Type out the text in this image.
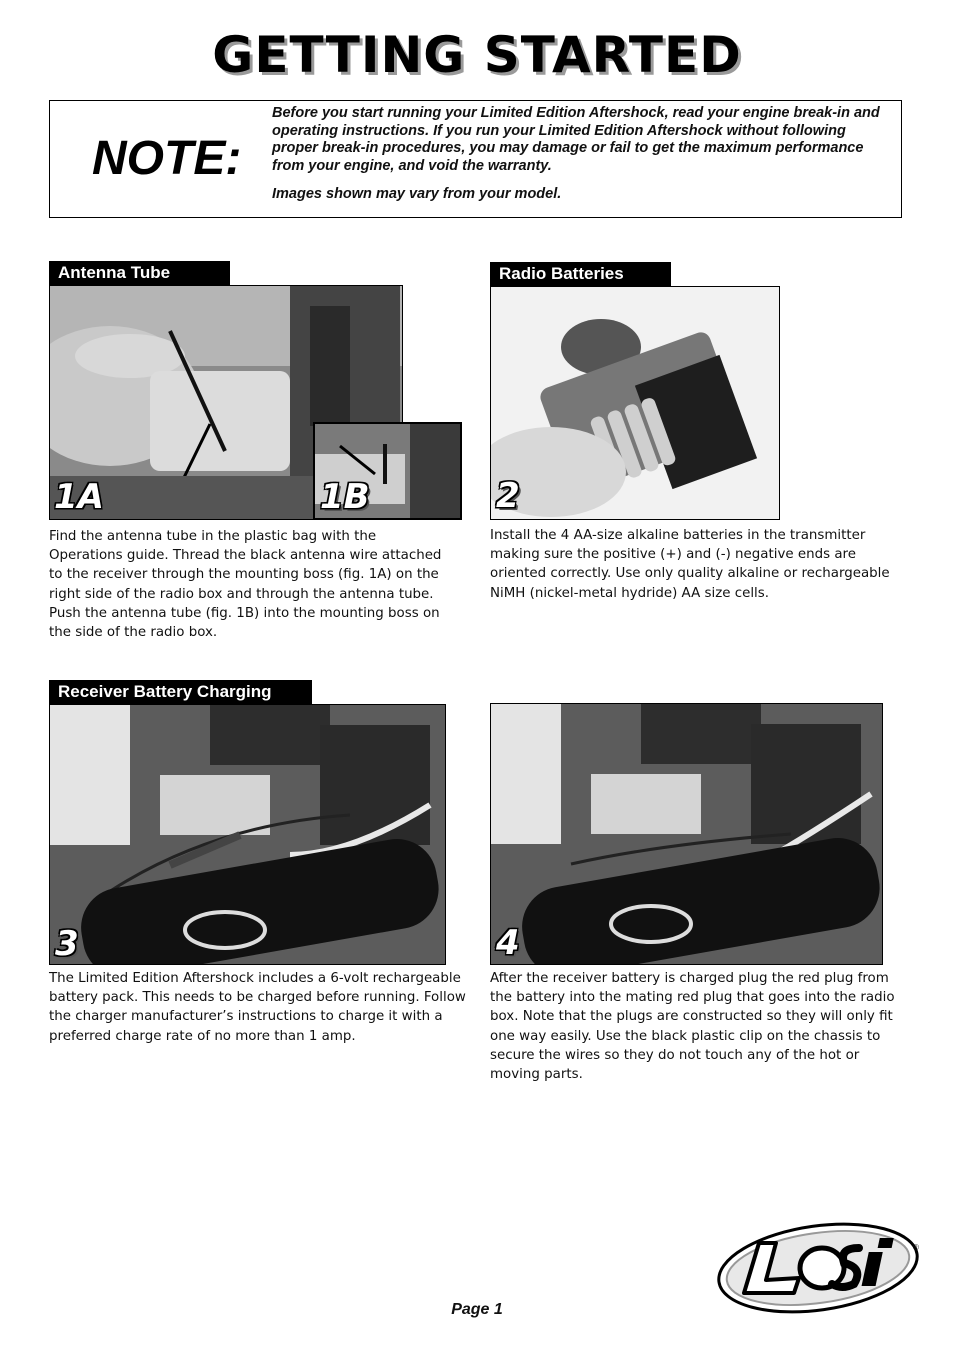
GETTING STARTED
NOTE:

Before you start running your Limited Edition Aftershock, read your engine break-in and operating instructions. If you run your Limited Edition Aftershock without following proper break-in procedures, you may damage or fail to get the maximum performance from your engine, and void the warranty.

Images shown may vary from your model.

Antenna Tube
1A	1B
Find the antenna tube in the plastic bag with the Operations guide. Thread the black antenna wire attached to the receiver through the mounting boss (fig. 1A) on the right side of the radio box and through the antenna tube. Push the antenna tube (fig. 1B) into the mounting boss on the side of the radio box.
Radio Batteries
2
Install the 4 AA-size alkaline batteries in the transmitter making sure the positive (+) and (-) negative ends are oriented correctly. Use only quality alkaline or rechargeable NiMH (nickel-metal hydride) AA size cells.
Receiver Battery Charging
3
The Limited Edition Aftershock includes a 6-volt rechargeable battery pack. This needs to be charged before running. Follow the charger manufacturer’s instructions to charge it with a preferred charge rate of no more than 1 amp.
4
After the receiver battery is charged plug the red plug from the battery into the mating red plug that goes into the radio box. Note that the plugs are constructed so they will only fit one way easily. Use the black plastic clip on the chassis to secure the wires so they do not touch any of the hot or moving parts.
®
Page 1
